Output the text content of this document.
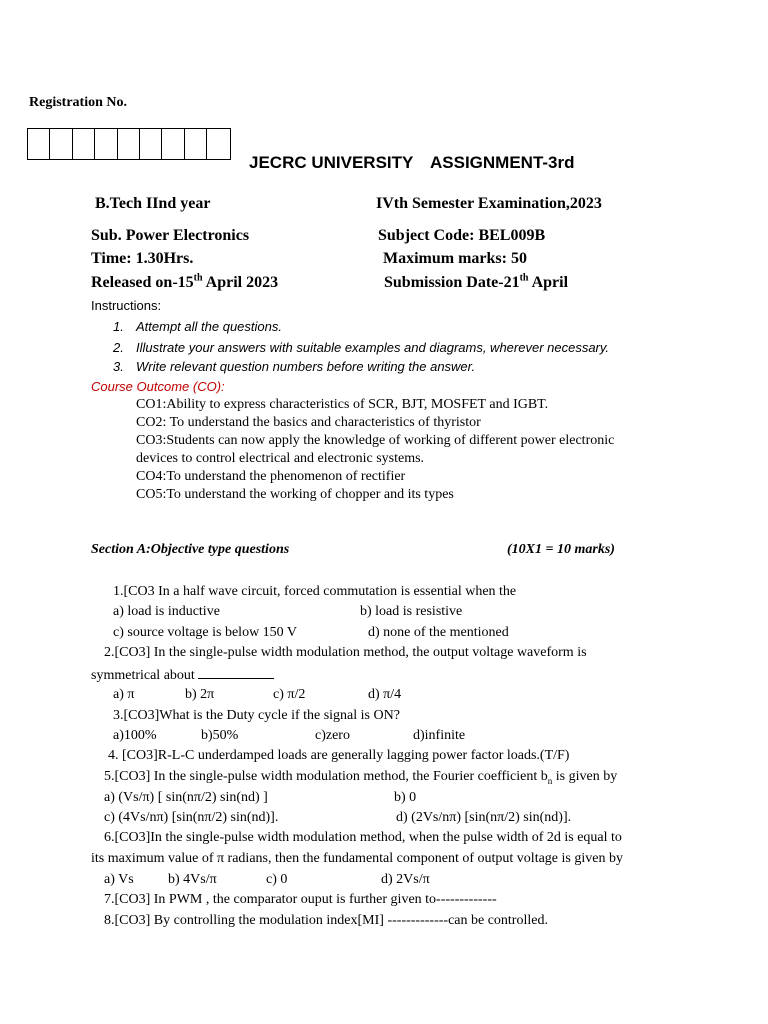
Registration No.
JECRC UNIVERSITY ASSIGNMENT-3rd
B.Tech IInd year	IVth Semester Examination,2023
Sub. Power Electronics	Subject Code: BEL009B
Time: 1.30Hrs.	Maximum marks: 50
Released on-15th April 2023	Submission Date-21th April
Instructions:
1. Attempt all the questions.
2. Illustrate your answers with suitable examples and diagrams, wherever necessary.
3. Write relevant question numbers before writing the answer.
Course Outcome (CO):
CO1:Ability to express characteristics of SCR, BJT, MOSFET and IGBT.
CO2: To understand the basics and characteristics of thyristor
CO3:Students can now apply the knowledge of working of different power electronic
devices to control electrical and electronic systems.
CO4:To understand the phenomenon of rectifier
CO5:To understand the working of chopper and its types
Section A:Objective type questions	(10X1 = 10 marks)
1.[CO3 In a half wave circuit, forced commutation is essential when the
a) load is inductive	b) load is resistive
c) source voltage is below 150 V	d) none of the mentioned
2.[CO3] In the single-pulse width modulation method, the output voltage waveform is
symmetrical about
a) π	b) 2π	c) π/2	d) π/4
3.[CO3]What is the Duty cycle if the signal is ON?
a)100%	b)50%	c)zero	d)infinite
4. [CO3]R-L-C underdamped loads are generally lagging power factor loads.(T/F)
5.[CO3] In the single-pulse width modulation method, the Fourier coefficient $b_n$ is given by
a) (Vs/π) [ sin(nπ/2) sin(nd) ]	b) 0
c) (4Vs/nπ) [sin(nπ/2) sin(nd)].	d) (2Vs/nπ) [sin(nπ/2) sin(nd)].
6.[CO3]In the single-pulse width modulation method, when the pulse width of 2d is equal to
its maximum value of π radians, then the fundamental component of output voltage is given by
a) Vs b) 4Vs/π	c) 0	d) 2Vs/π
7.[CO3] In PWM , the comparator ouput is further given to-------------
8.[CO3] By controlling the modulation index[MI] -------------can be controlled.
